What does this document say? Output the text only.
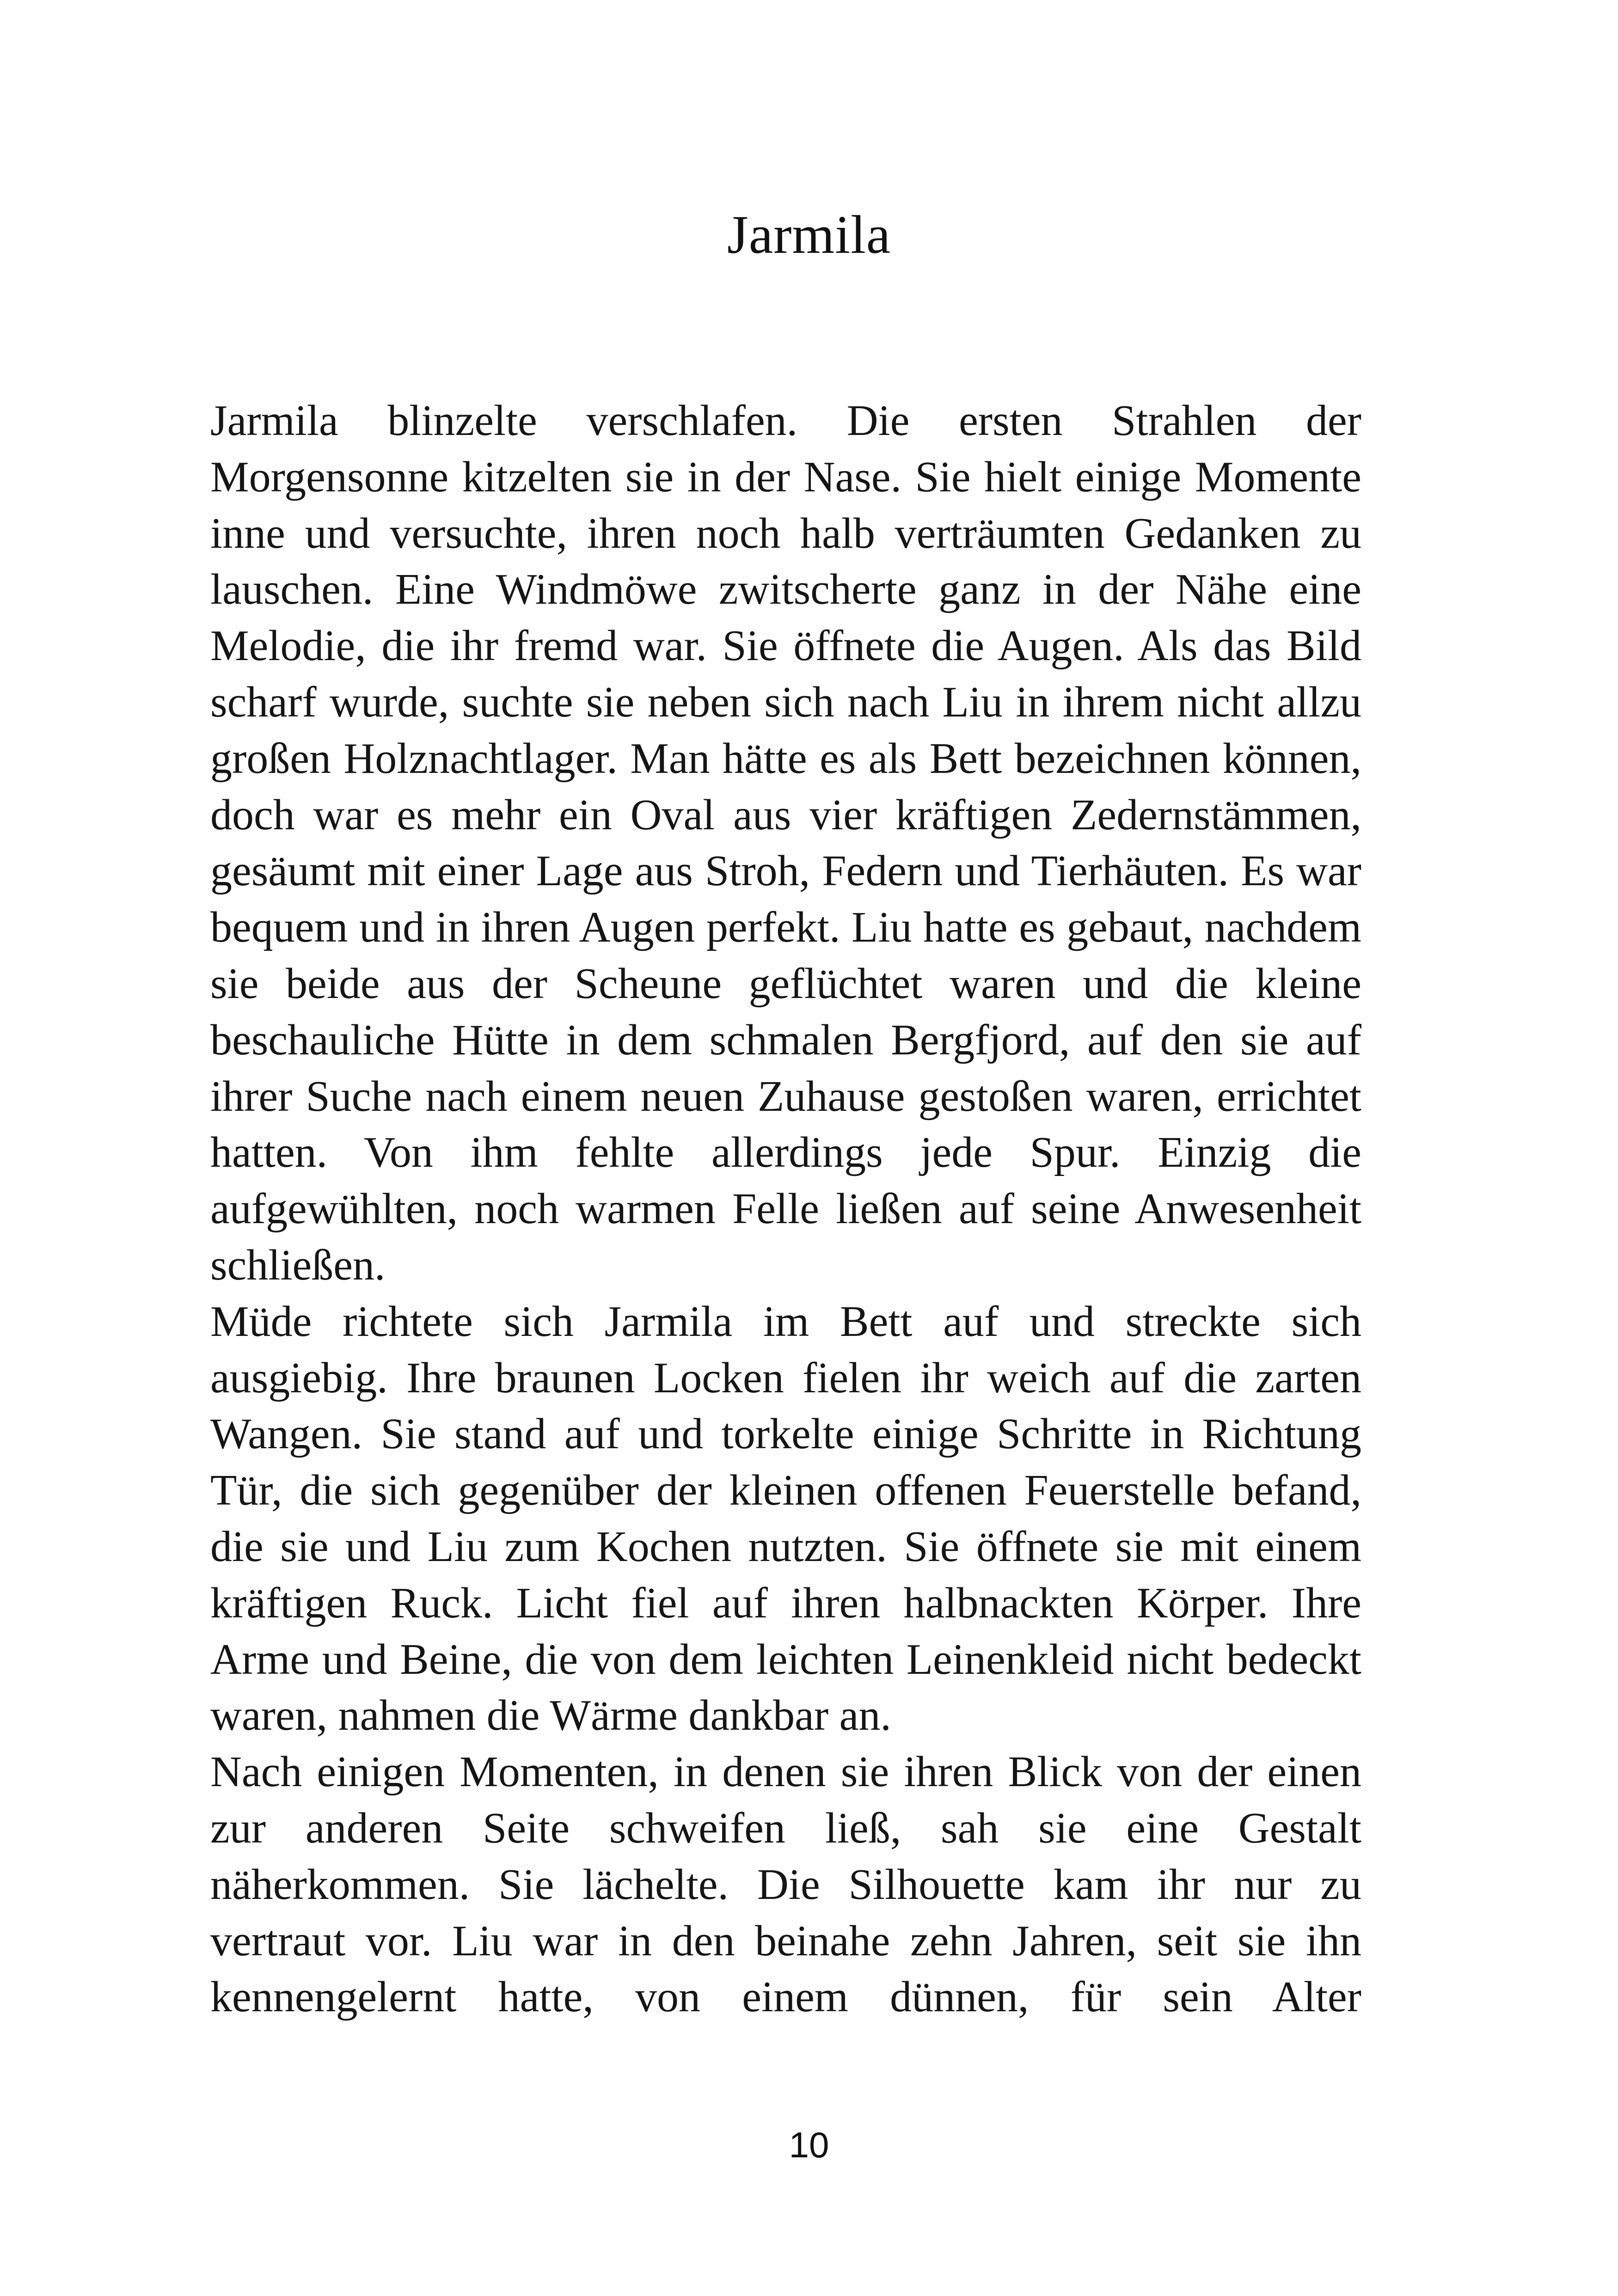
Jarmila

Jarmila blinzelte verschlafen. Die ersten Strahlen der Morgensonne kitzelten sie in der Nase. Sie hielt einige Momente inne und versuchte, ihren noch halb verträumten Gedanken zu lauschen. Eine Windmöwe zwitscherte ganz in der Nähe eine Melodie, die ihr fremd war. Sie öffnete die Augen. Als das Bild scharf wurde, suchte sie neben sich nach Liu in ihrem nicht allzu großen Holznachtlager. Man hätte es als Bett bezeichnen können, doch war es mehr ein Oval aus vier kräftigen Zedernstämmen, gesäumt mit einer Lage aus Stroh, Federn und Tierhäuten. Es war bequem und in ihren Augen perfekt. Liu hatte es gebaut, nachdem sie beide aus der Scheune geflüchtet waren und die kleine beschauliche Hütte in dem schmalen Bergfjord, auf den sie auf ihrer Suche nach einem neuen Zuhause gestoßen waren, errichtet hatten. Von ihm fehlte allerdings jede Spur. Einzig die aufgewühlten, noch warmen Felle ließen auf seine Anwesenheit schließen.

Müde richtete sich Jarmila im Bett auf und streckte sich ausgiebig. Ihre braunen Locken fielen ihr weich auf die zarten Wangen. Sie stand auf und torkelte einige Schritte in Richtung Tür, die sich gegenüber der kleinen offenen Feuerstelle befand, die sie und Liu zum Kochen nutzten. Sie öffnete sie mit einem kräftigen Ruck. Licht fiel auf ihren halbnackten Körper. Ihre Arme und Beine, die von dem leichten Leinenkleid nicht bedeckt waren, nahmen die Wärme dankbar an.

Nach einigen Momenten, in denen sie ihren Blick von der einen zur anderen Seite schweifen ließ, sah sie eine Gestalt näherkommen. Sie lächelte. Die Silhouette kam ihr nur zu vertraut vor. Liu war in den beinahe zehn Jahren, seit sie ihn kennengelernt hatte, von einem dünnen, für sein Alter

10
